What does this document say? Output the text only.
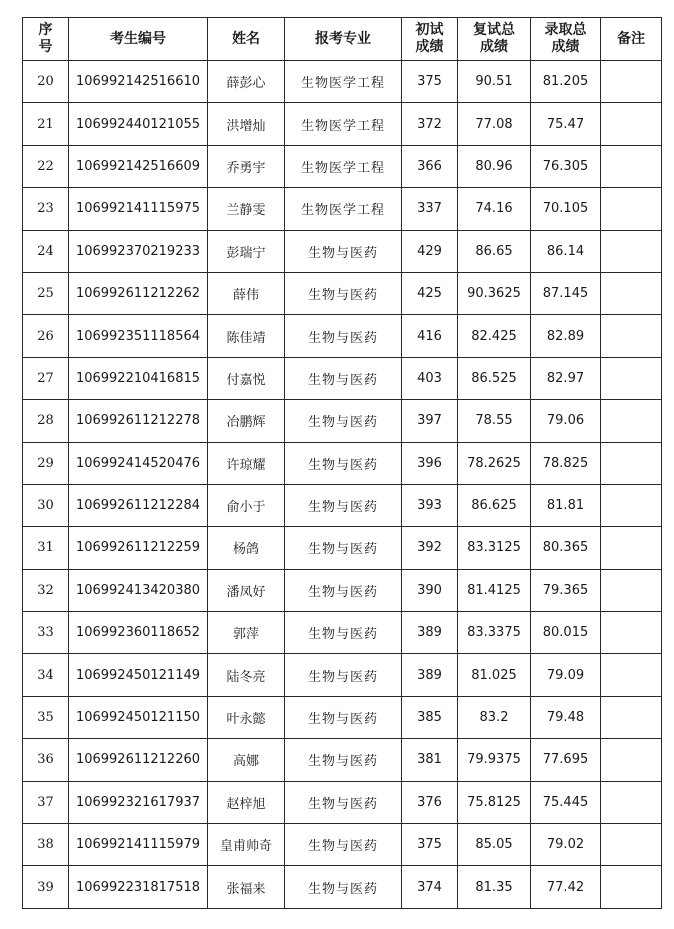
序号	考生编号	姓名	报考专业	初试成绩	复试总成绩	录取总成绩	备注
20	106992142516610	薛彭心	生物医学工程	375	90.51	81.205	
21	106992440121055	洪增灿	生物医学工程	372	77.08	75.47	
22	106992142516609	乔勇宇	生物医学工程	366	80.96	76.305	
23	106992141115975	兰静雯	生物医学工程	337	74.16	70.105	
24	106992370219233	彭瑞宁	生物与医药	429	86.65	86.14	
25	106992611212262	薛伟	生物与医药	425	90.3625	87.145	
26	106992351118564	陈佳靖	生物与医药	416	82.425	82.89	
27	106992210416815	付嘉悦	生物与医药	403	86.525	82.97	
28	106992611212278	冶鹏辉	生物与医药	397	78.55	79.06	
29	106992414520476	许琼耀	生物与医药	396	78.2625	78.825	
30	106992611212284	俞小于	生物与医药	393	86.625	81.81	
31	106992611212259	杨鸽	生物与医药	392	83.3125	80.365	
32	106992413420380	潘凤好	生物与医药	390	81.4125	79.365	
33	106992360118652	郭萍	生物与医药	389	83.3375	80.015	
34	106992450121149	陆冬亮	生物与医药	389	81.025	79.09	
35	106992450121150	叶永懿	生物与医药	385	83.2	79.48	
36	106992611212260	高娜	生物与医药	381	79.9375	77.695	
37	106992321617937	赵梓旭	生物与医药	376	75.8125	75.445	
38	106992141115979	皇甫帅奇	生物与医药	375	85.05	79.02	
39	106992231817518	张福来	生物与医药	374	81.35	77.42	
